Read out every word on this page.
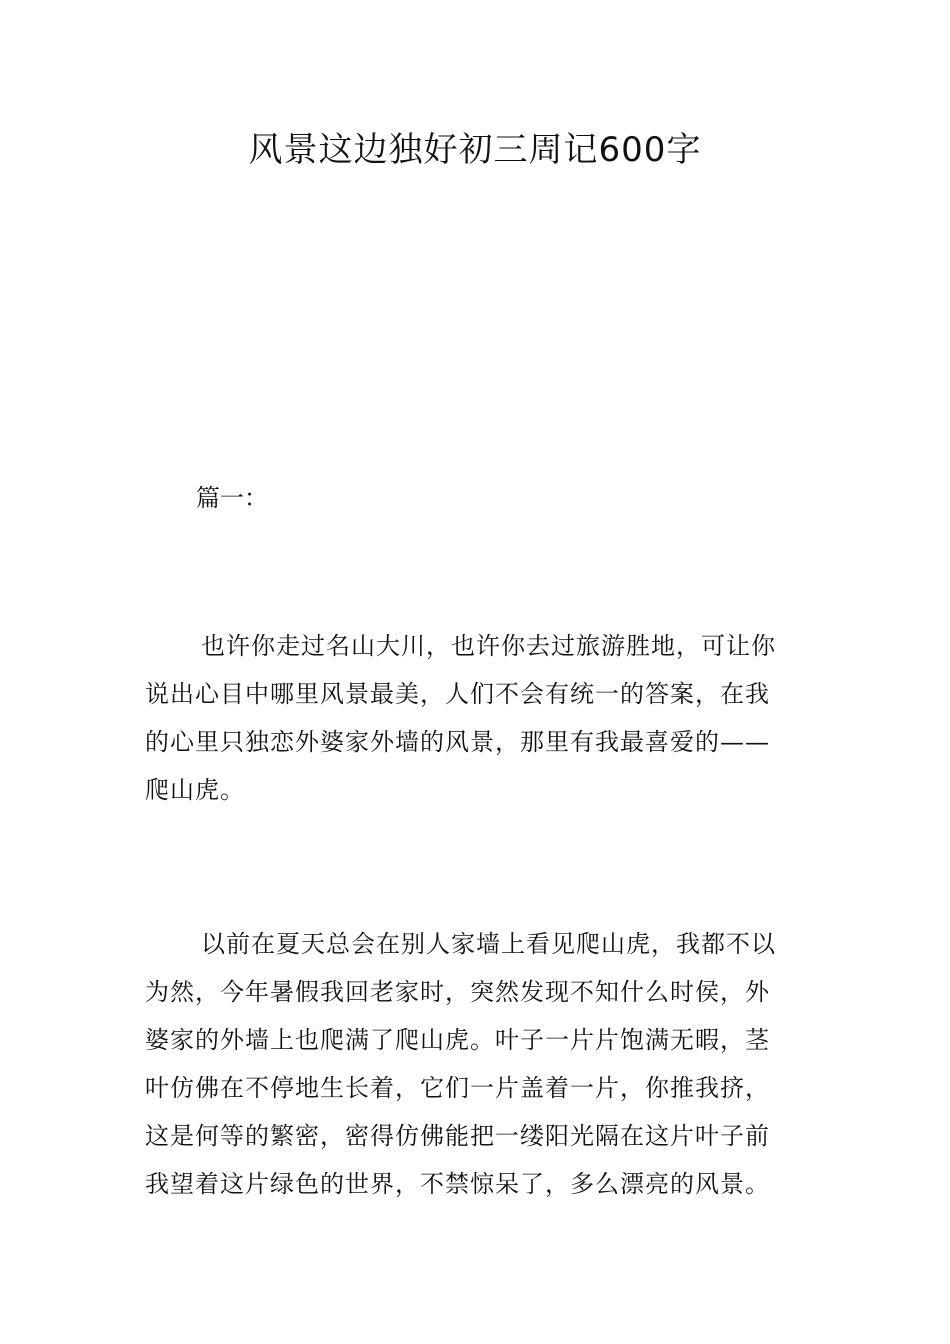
风景这边独好初三周记600字
篇一：
也许你走过名山大川，也许你去过旅游胜地，可让你
说出心目中哪里风景最美，人们不会有统一的答案，在我
的心里只独恋外婆家外墙的风景，那里有我最喜爱的——
爬山虎。
以前在夏天总会在别人家墙上看见爬山虎，我都不以
为然，今年暑假我回老家时，突然发现不知什么时侯，外
婆家的外墙上也爬满了爬山虎。叶子一片片饱满无暇，茎
叶仿佛在不停地生长着，它们一片盖着一片，你推我挤，
这是何等的繁密，密得仿佛能把一缕阳光隔在这片叶子前
我望着这片绿色的世界，不禁惊呆了，多么漂亮的风景。
